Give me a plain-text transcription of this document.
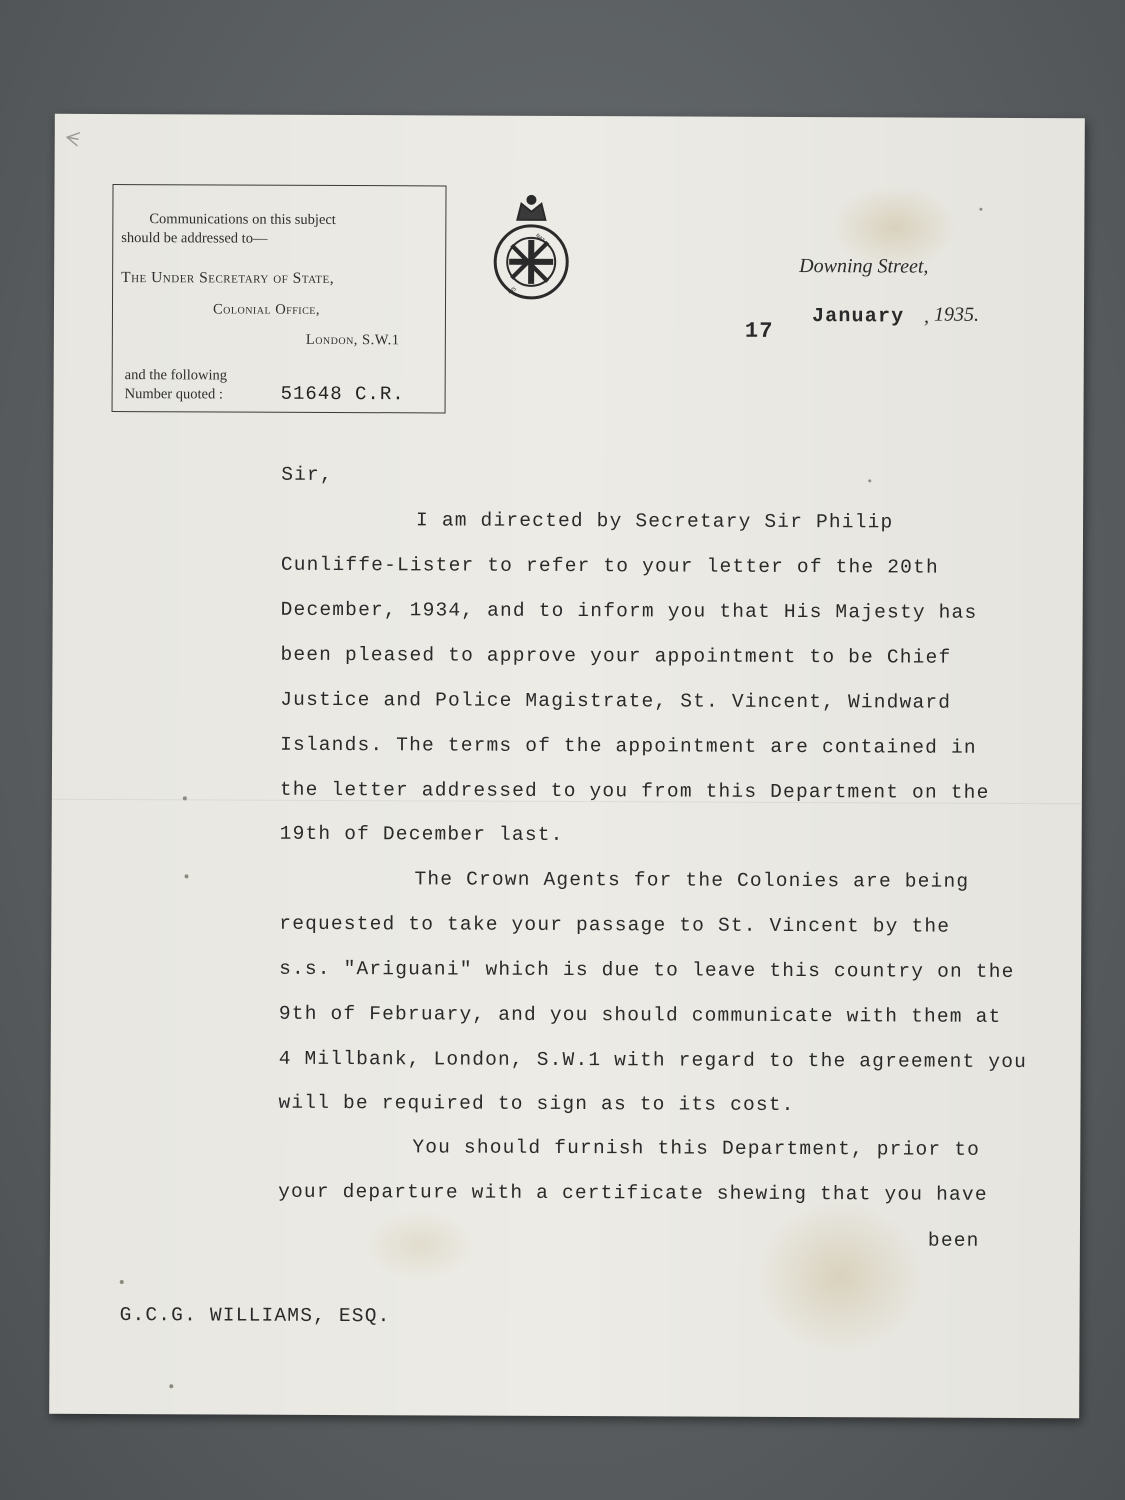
ᗑ
Communications on this subject
should be addressed to—
The Under Secretary of State,
Colonial Office,
London, S.W.1
and the following
Number quoted :	51648 C.R.
NAT
DIS
Downing Street,
17
January , 1935.
Sir,
I am directed by Secretary Sir Philip
Cunliffe-Lister to refer to your letter of the 20th
December, 1934, and to inform you that His Majesty has
been pleased to approve your appointment to be Chief
Justice and Police Magistrate, St. Vincent, Windward
Islands. The terms of the appointment are contained in
the letter addressed to you from this Department on the
19th of December last.
The Crown Agents for the Colonies are being
requested to take your passage to St. Vincent by the
s.s. "Ariguani" which is due to leave this country on the
9th of February, and you should communicate with them at
4 Millbank, London, S.W.1 with regard to the agreement you
will be required to sign as to its cost.
You should furnish this Department, prior to
your departure with a certificate shewing that you have
been
G.C.G. WILLIAMS, ESQ.
